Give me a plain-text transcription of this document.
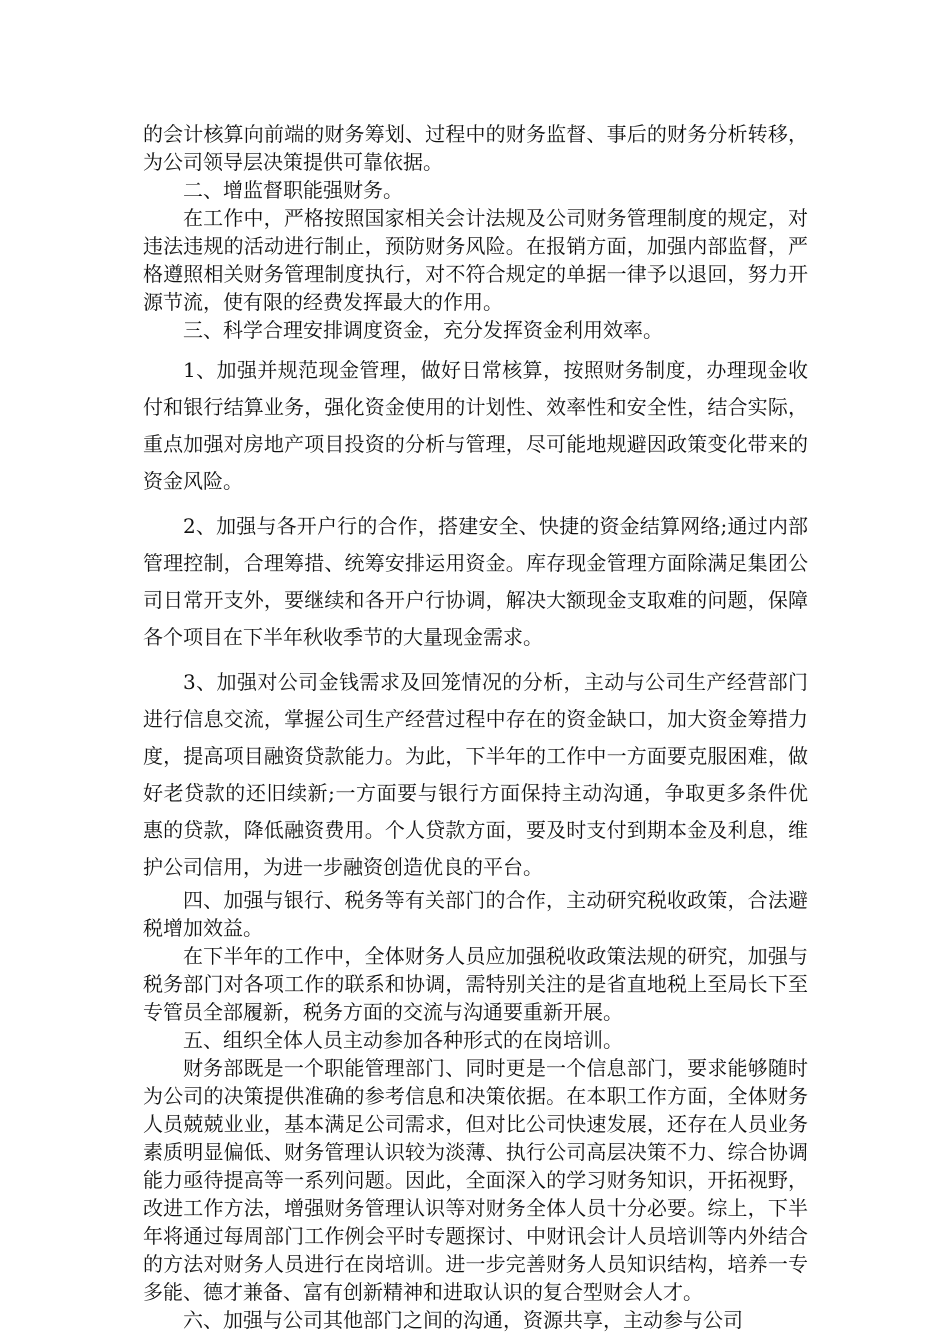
的会计核算向前端的财务筹划、过程中的财务监督、事后的财务分析转移，为公司领导层决策提供可靠依据。

二、增监督职能强财务。

在工作中，严格按照国家相关会计法规及公司财务管理制度的规定，对违法违规的活动进行制止，预防财务风险。在报销方面，加强内部监督，严格遵照相关财务管理制度执行，对不符合规定的单据一律予以退回，努力开源节流，使有限的经费发挥最大的作用。

三、科学合理安排调度资金，充分发挥资金利用效率。

1、加强并规范现金管理，做好日常核算，按照财务制度，办理现金收付和银行结算业务，强化资金使用的计划性、效率性和安全性，结合实际，重点加强对房地产项目投资的分析与管理，尽可能地规避因政策变化带来的资金风险。

2、加强与各开户行的合作，搭建安全、快捷的资金结算网络;通过内部管理控制，合理筹措、统筹安排运用资金。库存现金管理方面除满足集团公司日常开支外，要继续和各开户行协调，解决大额现金支取难的问题，保障各个项目在下半年秋收季节的大量现金需求。

3、加强对公司金钱需求及回笼情况的分析，主动与公司生产经营部门进行信息交流，掌握公司生产经营过程中存在的资金缺口，加大资金筹措力度，提高项目融资贷款能力。为此，下半年的工作中一方面要克服困难，做好老贷款的还旧续新;一方面要与银行方面保持主动沟通，争取更多条件优惠的贷款，降低融资费用。个人贷款方面，要及时支付到期本金及利息，维护公司信用，为进一步融资创造优良的平台。

四、加强与银行、税务等有关部门的合作，主动研究税收政策，合法避税增加效益。

在下半年的工作中，全体财务人员应加强税收政策法规的研究，加强与税务部门对各项工作的联系和协调，需特别关注的是省直地税上至局长下至专管员全部履新，税务方面的交流与沟通要重新开展。

五、组织全体人员主动参加各种形式的在岗培训。

财务部既是一个职能管理部门、同时更是一个信息部门，要求能够随时为公司的决策提供准确的参考信息和决策依据。在本职工作方面，全体财务人员兢兢业业，基本满足公司需求，但对比公司快速发展，还存在人员业务素质明显偏低、财务管理认识较为淡薄、执行公司高层决策不力、综合协调能力亟待提高等一系列问题。因此，全面深入的学习财务知识，开拓视野，改进工作方法，增强财务管理认识等对财务全体人员十分必要。综上，下半年将通过每周部门工作例会平时专题探讨、中财讯会计人员培训等内外结合的方法对财务人员进行在岗培训。进一步完善财务人员知识结构，培养一专多能、德才兼备、富有创新精神和进取认识的复合型财会人才。

六、加强与公司其他部门之间的沟通，资源共享，主动参与公司
